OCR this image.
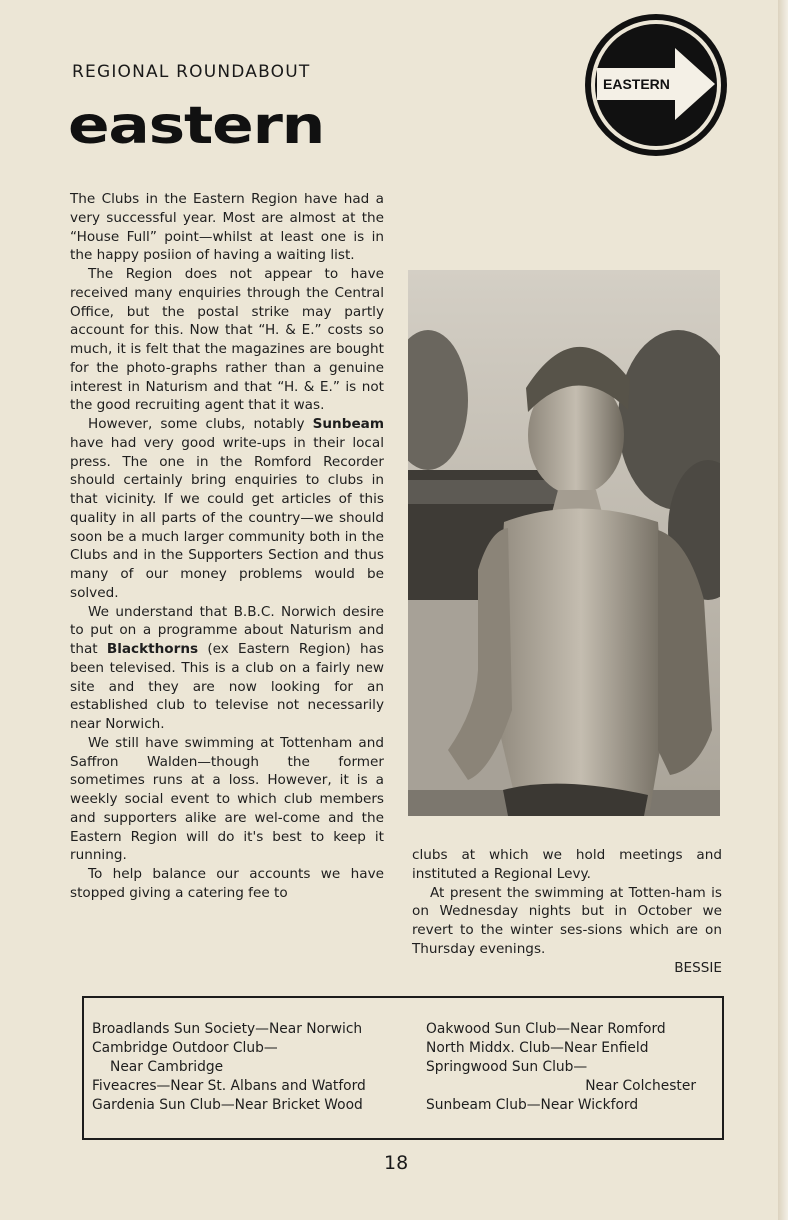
REGIONAL ROUNDABOUT
eastern
EASTERN

The Clubs in the Eastern Region have had a very successful year. Most are almost at the “House Full” point—whilst at least one is in the happy posiion of having a waiting list.

The Region does not appear to have received many enquiries through the Central Office, but the postal strike may partly account for this. Now that “H. & E.” costs so much, it is felt that the magazines are bought for the photo-graphs rather than a genuine interest in Naturism and that “H. & E.” is not the good recruiting agent that it was.

However, some clubs, notably Sunbeam have had very good write-ups in their local press. The one in the Romford Recorder should certainly bring enquiries to clubs in that vicinity. If we could get articles of this quality in all parts of the country—we should soon be a much larger community both in the Clubs and in the Supporters Section and thus many of our money problems would be solved.

We understand that B.B.C. Norwich desire to put on a programme about Naturism and that Blackthorns (ex Eastern Region) has been televised. This is a club on a fairly new site and they are now looking for an established club to televise not necessarily near Norwich.

We still have swimming at Tottenham and Saffron Walden—though the former sometimes runs at a loss. However, it is a weekly social event to which club members and supporters alike are wel-come and the Eastern Region will do it's best to keep it running.

To help balance our accounts we have stopped giving a catering fee to

clubs at which we hold meetings and instituted a Regional Levy.

At present the swimming at Totten-ham is on Wednesday nights but in October we revert to the winter ses-sions which are on Thursday evenings.

BESSIE
Broadlands Sun Society—Near Norwich
Cambridge Outdoor Club—
Near Cambridge
Fiveacres—Near St. Albans and Watford
Gardenia Sun Club—Near Bricket Wood
Oakwood Sun Club—Near Romford
North Middx. Club—Near Enfield
Springwood Sun Club—
Near Colchester
Sunbeam Club—Near Wickford
18
